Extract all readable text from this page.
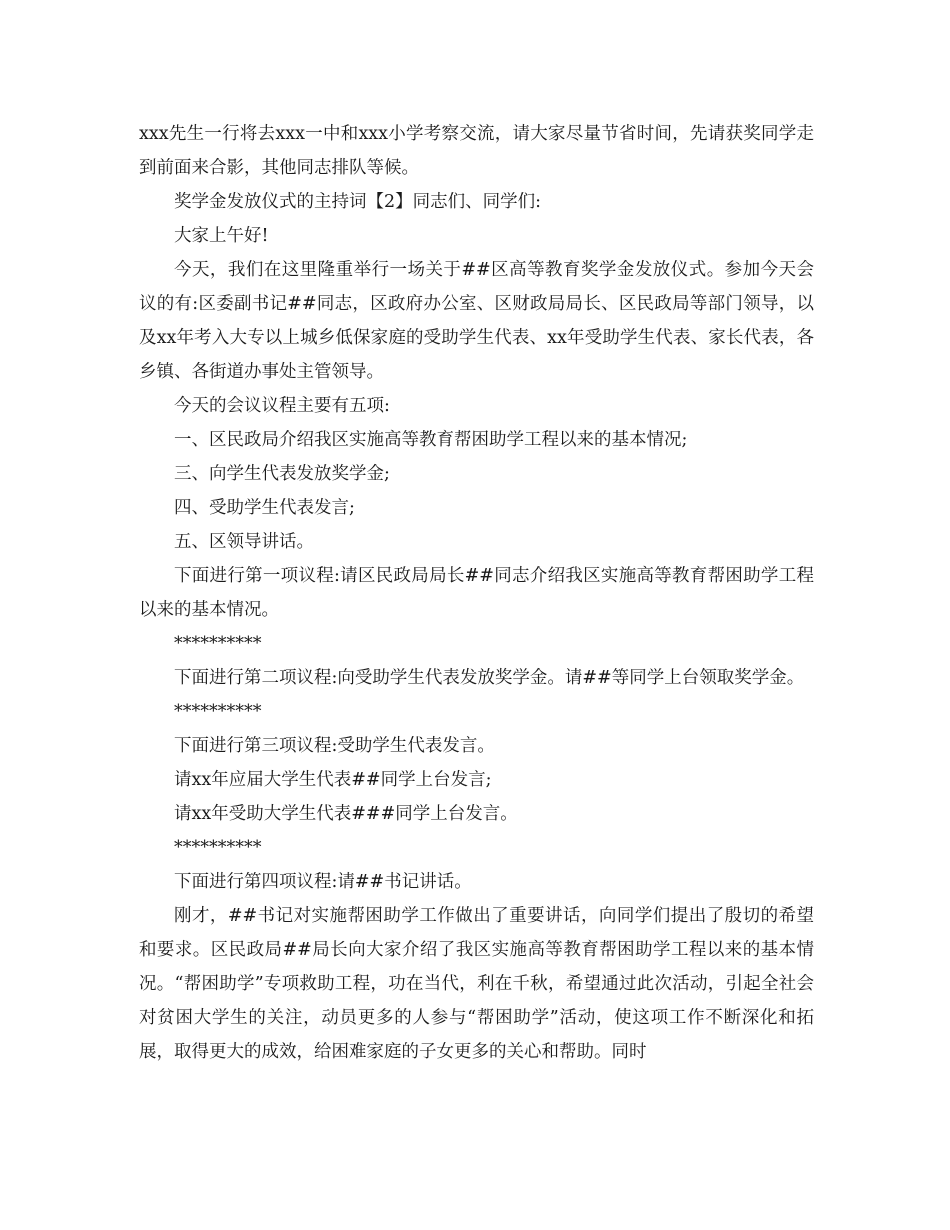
xxx先生一行将去xxx一中和xxx小学考察交流，请大家尽量节省时间，先请获奖同学走到前面来合影，其他同志排队等候。

奖学金发放仪式的主持词【2】同志们、同学们:

大家上午好!

今天，我们在这里隆重举行一场关于##区高等教育奖学金发放仪式。参加今天会议的有:区委副书记##同志，区政府办公室、区财政局局长、区民政局等部门领导，以及xx年考入大专以上城乡低保家庭的受助学生代表、xx年受助学生代表、家长代表，各乡镇、各街道办事处主管领导。

今天的会议议程主要有五项:

一、区民政局介绍我区实施高等教育帮困助学工程以来的基本情况;

三、向学生代表发放奖学金;

四、受助学生代表发言;

五、区领导讲话。

下面进行第一项议程:请区民政局局长##同志介绍我区实施高等教育帮困助学工程以来的基本情况。

**********

下面进行第二项议程:向受助学生代表发放奖学金。请##等同学上台领取奖学金。

**********

下面进行第三项议程:受助学生代表发言。

请xx年应届大学生代表##同学上台发言;

请xx年受助大学生代表###同学上台发言。

**********

下面进行第四项议程:请##书记讲话。

刚才，##书记对实施帮困助学工作做出了重要讲话，向同学们提出了殷切的希望和要求。区民政局##局长向大家介绍了我区实施高等教育帮困助学工程以来的基本情况。“帮困助学”专项救助工程，功在当代，利在千秋，希望通过此次活动，引起全社会对贫困大学生的关注，动员更多的人参与“帮困助学”活动，使这项工作不断深化和拓展，取得更大的成效，给困难家庭的子女更多的关心和帮助。同时
